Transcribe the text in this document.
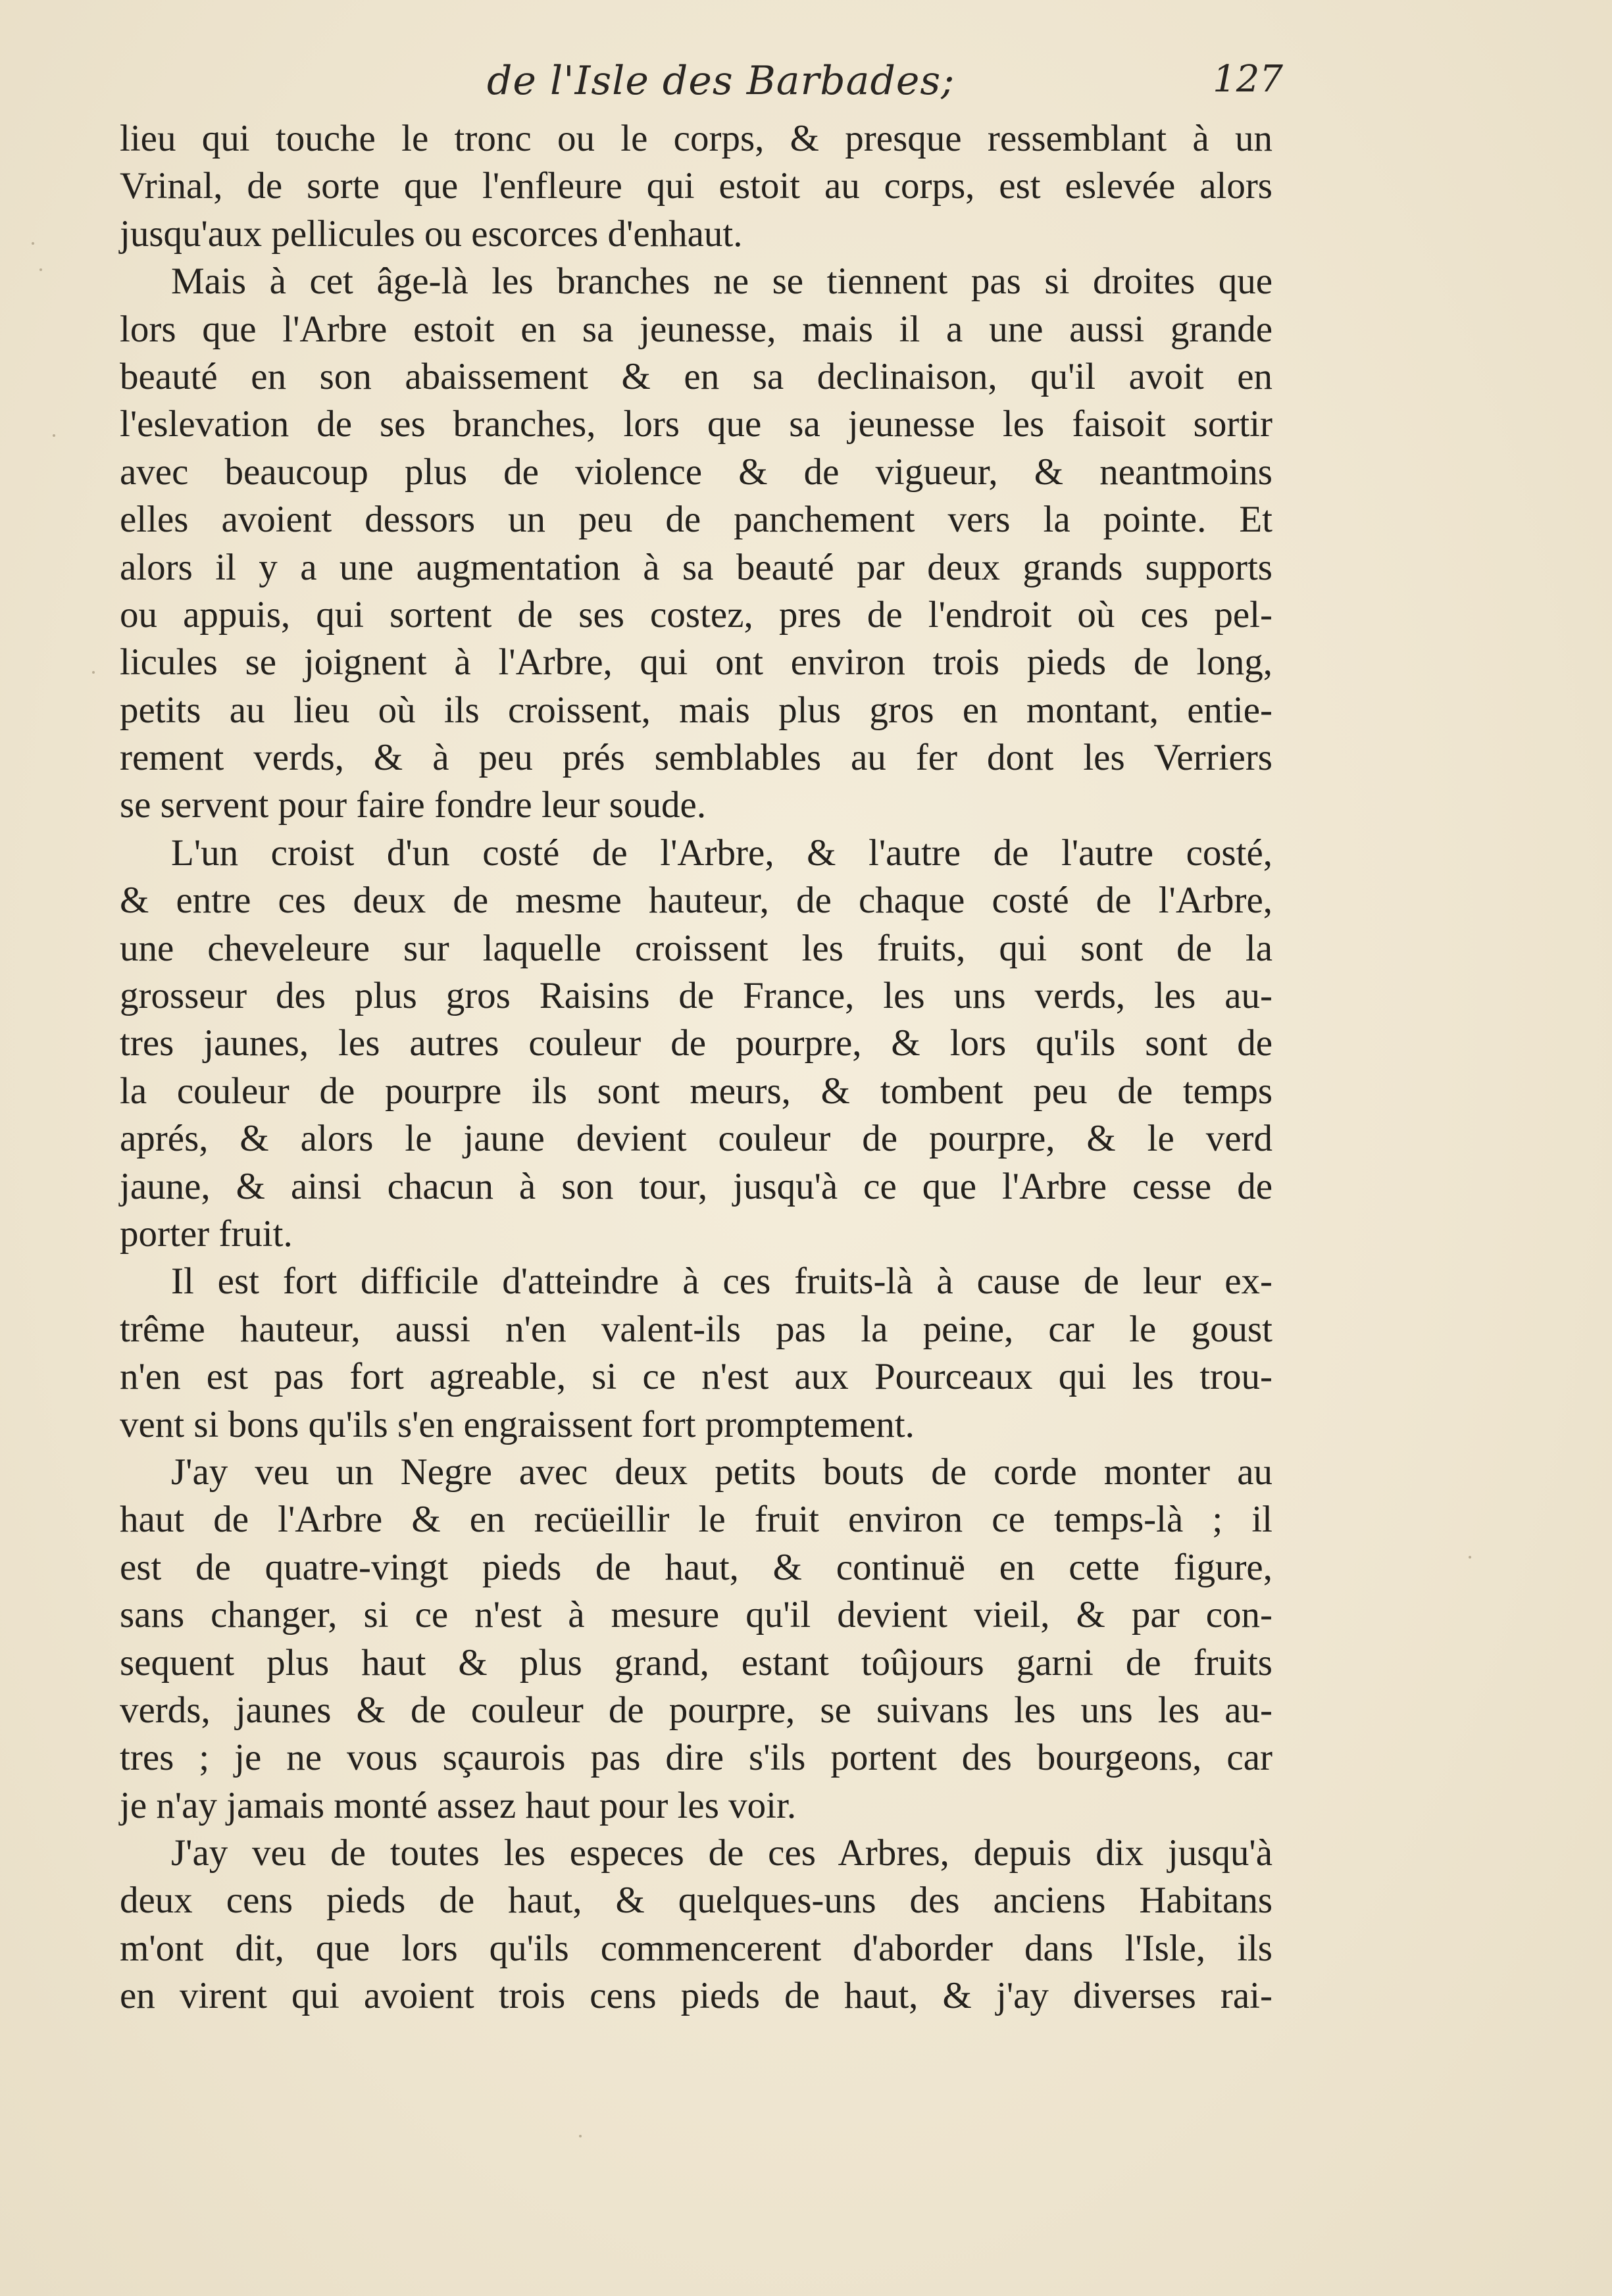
de l'Isle des Barbades;	127
lieu qui touche le tronc ou le corps, & presque ressemblant à un
Vrinal, de sorte que l'enfleure qui estoit au corps, est eslevée alors
jusqu'aux pellicules ou escorces d'enhaut.
Mais à cet âge-là les branches ne se tiennent pas si droites que
lors que l'Arbre estoit en sa jeunesse, mais il a une aussi grande
beauté en son abaissement & en sa declinaison, qu'il avoit en
l'eslevation de ses branches, lors que sa jeunesse les faisoit sortir
avec beaucoup plus de violence & de vigueur, & neantmoins
elles avoient dessors un peu de panchement vers la pointe. Et
alors il y a une augmentation à sa beauté par deux grands supports
ou appuis, qui sortent de ses costez, pres de l'endroit où ces pel-
licules se joignent à l'Arbre, qui ont environ trois pieds de long,
petits au lieu où ils croissent, mais plus gros en montant, entie-
rement verds, & à peu prés semblables au fer dont les Verriers
se servent pour faire fondre leur soude.
L'un croist d'un costé de l'Arbre, & l'autre de l'autre costé,
& entre ces deux de mesme hauteur, de chaque costé de l'Arbre,
une cheveleure sur laquelle croissent les fruits, qui sont de la
grosseur des plus gros Raisins de France, les uns verds, les au-
tres jaunes, les autres couleur de pourpre, & lors qu'ils sont de
la couleur de pourpre ils sont meurs, & tombent peu de temps
aprés, & alors le jaune devient couleur de pourpre, & le verd
jaune, & ainsi chacun à son tour, jusqu'à ce que l'Arbre cesse de
porter fruit.
Il est fort difficile d'atteindre à ces fruits-là à cause de leur ex-
trême hauteur, aussi n'en valent-ils pas la peine, car le goust
n'en est pas fort agreable, si ce n'est aux Pourceaux qui les trou-
vent si bons qu'ils s'en engraissent fort promptement.
J'ay veu un Negre avec deux petits bouts de corde monter au
haut de l'Arbre & en recüeillir le fruit environ ce temps-là ; il
est de quatre-vingt pieds de haut, & continuë en cette figure,
sans changer, si ce n'est à mesure qu'il devient vieil, & par con-
sequent plus haut & plus grand, estant toûjours garni de fruits
verds, jaunes & de couleur de pourpre, se suivans les uns les au-
tres ; je ne vous sçaurois pas dire s'ils portent des bourgeons, car
je n'ay jamais monté assez haut pour les voir.
J'ay veu de toutes les especes de ces Arbres, depuis dix jusqu'à
deux cens pieds de haut, & quelques-uns des anciens Habitans
m'ont dit, que lors qu'ils commencerent d'aborder dans l'Isle, ils
en virent qui avoient trois cens pieds de haut, & j'ay diverses rai-
